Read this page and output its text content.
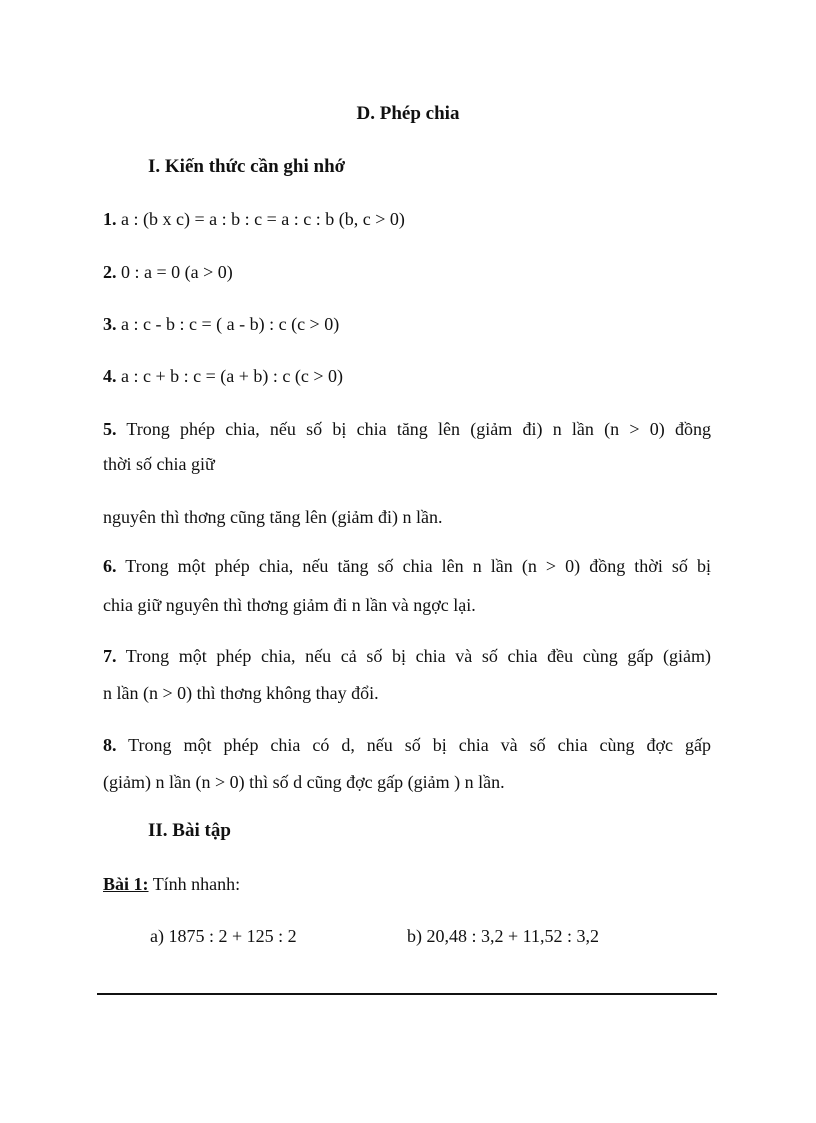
D. Phép chia
I. Kiến thức cần ghi nhớ
1. a : (b x c) = a : b : c = a : c : b (b, c > 0)
2. 0 : a = 0 (a > 0)
3. a : c - b : c = ( a - b) : c (c > 0)
4. a : c + b : c = (a + b) : c (c > 0)
5. Trong phép chia, nếu số bị chia tăng lên (giảm đi) n lần (n > 0) đồng
thời số chia giữ
nguyên thì thơng cũng tăng lên (giảm đi) n lần.
6. Trong một phép chia, nếu tăng số chia lên n lần (n > 0) đồng thời số bị
chia giữ nguyên thì thơng giảm đi n lần và ngợc lại.
7. Trong một phép chia, nếu cả số bị chia và số chia đều cùng gấp (giảm)
n lần (n > 0) thì thơng không thay đổi.
8. Trong một phép chia có d, nếu số bị chia và số chia cùng đợc gấp
(giảm) n lần (n > 0) thì số d cũng đợc gấp (giảm ) n lần.
II. Bài tập
Bài 1: Tính nhanh:
a) 1875 : 2 + 125 : 2	b) 20,48 : 3,2 + 11,52 : 3,2
